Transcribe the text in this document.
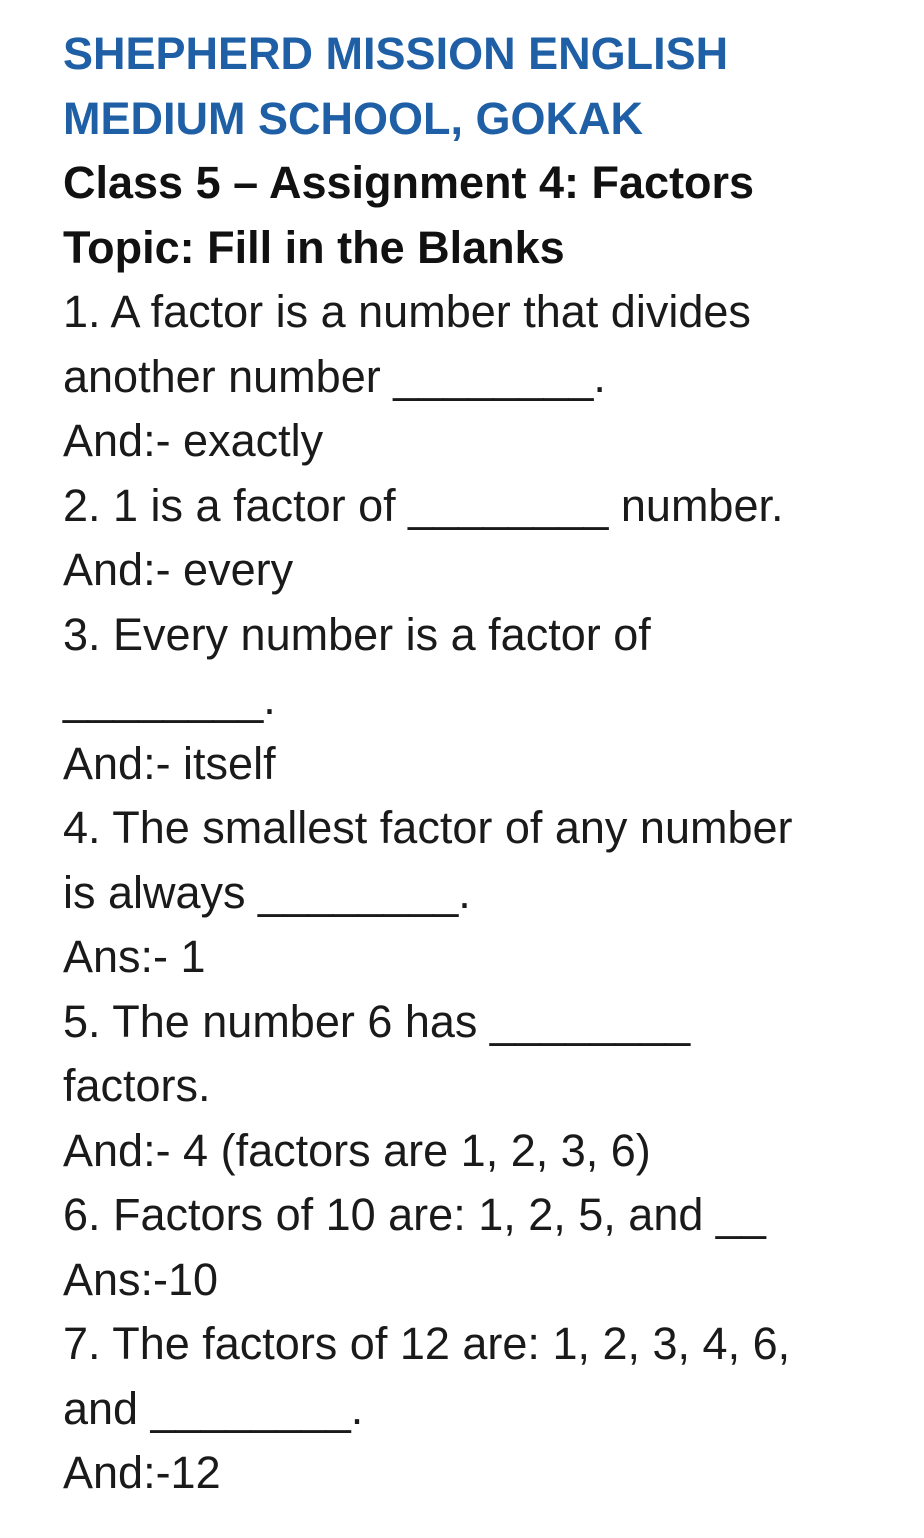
SHEPHERD MISSION ENGLISH

MEDIUM SCHOOL, GOKAK

Class 5 – Assignment 4: Factors

Topic: Fill in the Blanks

1. A factor is a number that divides

another number ________.

And:- exactly

2. 1 is a factor of ________ number.

And:- every

3. Every number is a factor of

________.

And:- itself

4. The smallest factor of any number

is always ________.

Ans:- 1

5. The number 6 has ________

factors.

And:- 4 (factors are 1, 2, 3, 6)

6. Factors of 10 are: 1, 2, 5, and __

Ans:-10

7. The factors of 12 are: 1, 2, 3, 4, 6,

and ________.

And:-12
